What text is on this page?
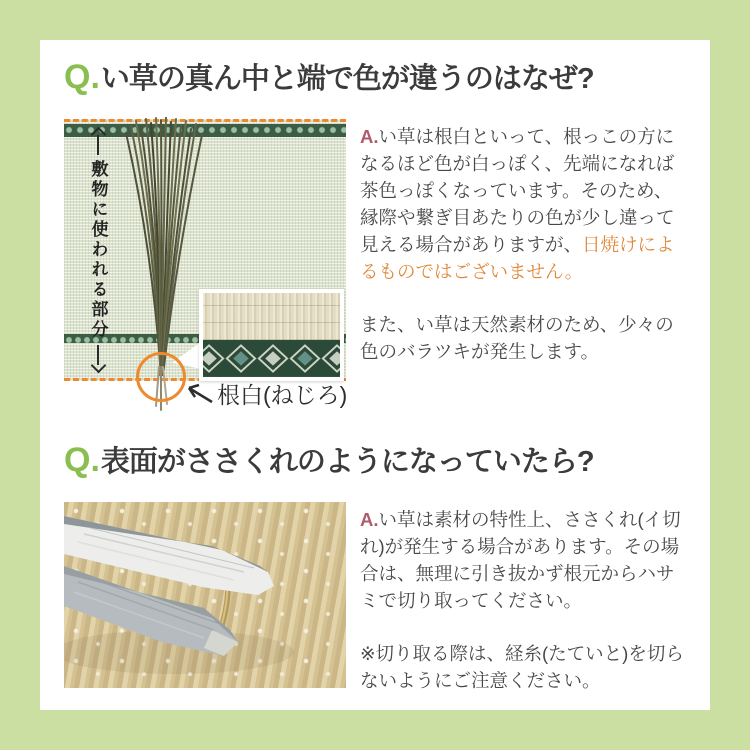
Q. い草の真ん中と端で色が違うのはなぜ?
敷物に使われる部分
根白(ねじろ)

A.い草は根白といって、根っこの方になるほど色が白っぽく、先端になれば茶色っぽくなっています。そのため、縁際や繋ぎ目あたりの色が少し違って見える場合がありますが、日焼けによるものではございません。

また、い草は天然素材のため、少々の色のバラツキが発生します。

Q. 表面がささくれのようになっていたら?

A.い草は素材の特性上、ささくれ(イ切れ)が発生する場合があります。その場合は、無理に引き抜かず根元からハサミで切り取ってください。

※切り取る際は、経糸(たていと)を切らないようにご注意ください。
